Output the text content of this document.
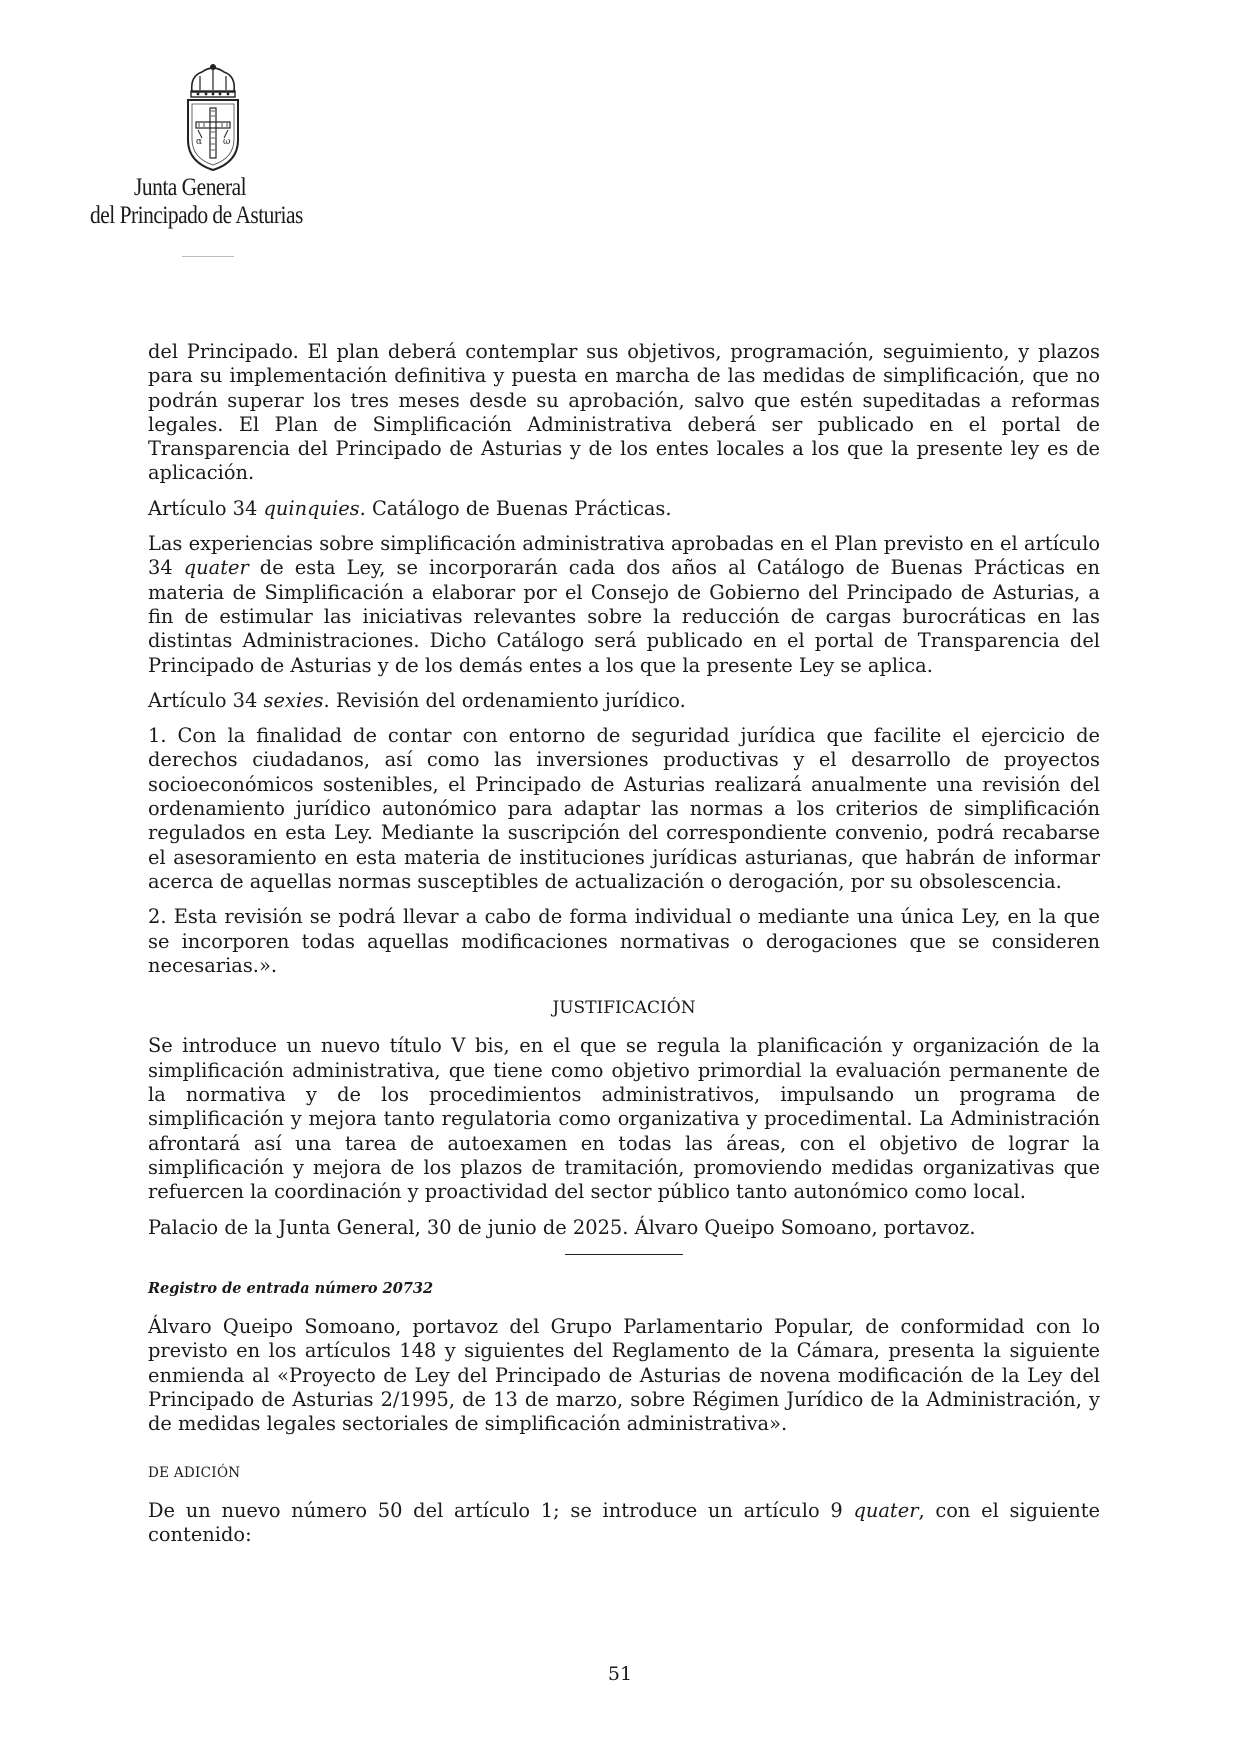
α ω
Junta General
del Principado de Asturias

del Principado. El plan deberá contemplar sus objetivos, programación, seguimiento, y plazos para su implementación definitiva y puesta en marcha de las medidas de simplificación, que no podrán superar los tres meses desde su aprobación, salvo que estén supeditadas a reformas legales. El Plan de Simplificación Administrativa deberá ser publicado en el portal de Transparencia del Principado de Asturias y de los entes locales a los que la presente ley es de aplicación.

Artículo 34 quinquies. Catálogo de Buenas Prácticas.

Las experiencias sobre simplificación administrativa aprobadas en el Plan previsto en el artículo 34 quater de esta Ley, se incorporarán cada dos años al Catálogo de Buenas Prácticas en materia de Simplificación a elaborar por el Consejo de Gobierno del Principado de Asturias, a fin de estimular las iniciativas relevantes sobre la reducción de cargas burocráticas en las distintas Administraciones. Dicho Catálogo será publicado en el portal de Transparencia del Principado de Asturias y de los demás entes a los que la presente Ley se aplica.

Artículo 34 sexies. Revisión del ordenamiento jurídico.

1. Con la finalidad de contar con entorno de seguridad jurídica que facilite el ejercicio de derechos ciudadanos, así como las inversiones productivas y el desarrollo de proyectos socioeconómicos sostenibles, el Principado de Asturias realizará anualmente una revisión del ordenamiento jurídico autonómico para adaptar las normas a los criterios de simplificación regulados en esta Ley. Mediante la suscripción del correspondiente convenio, podrá recabarse el asesoramiento en esta materia de instituciones jurídicas asturianas, que habrán de informar acerca de aquellas normas susceptibles de actualización o derogación, por su obsolescencia.

2. Esta revisión se podrá llevar a cabo de forma individual o mediante una única Ley, en la que se incorporen todas aquellas modificaciones normativas o derogaciones que se consideren necesarias.».

JUSTIFICACIÓN

Se introduce un nuevo título V bis, en el que se regula la planificación y organización de la simplificación administrativa, que tiene como objetivo primordial la evaluación permanente de la normativa y de los procedimientos administrativos, impulsando un programa de simplificación y mejora tanto regulatoria como organizativa y procedimental. La Administración afrontará así una tarea de autoexamen en todas las áreas, con el objetivo de lograr la simplificación y mejora de los plazos de tramitación, promoviendo medidas organizativas que refuercen la coordinación y proactividad del sector público tanto autonómico como local.

Palacio de la Junta General, 30 de junio de 2025. Álvaro Queipo Somoano, portavoz.

Registro de entrada número 20732

Álvaro Queipo Somoano, portavoz del Grupo Parlamentario Popular, de conformidad con lo previsto en los artículos 148 y siguientes del Reglamento de la Cámara, presenta la siguiente enmienda al «Proyecto de Ley del Principado de Asturias de novena modificación de la Ley del Principado de Asturias 2/1995, de 13 de marzo, sobre Régimen Jurídico de la Administración, y de medidas legales sectoriales de simplificación administrativa».

DE ADICIÓN

De un nuevo número 50 del artículo 1; se introduce un artículo 9 quater, con el siguiente contenido:

51
